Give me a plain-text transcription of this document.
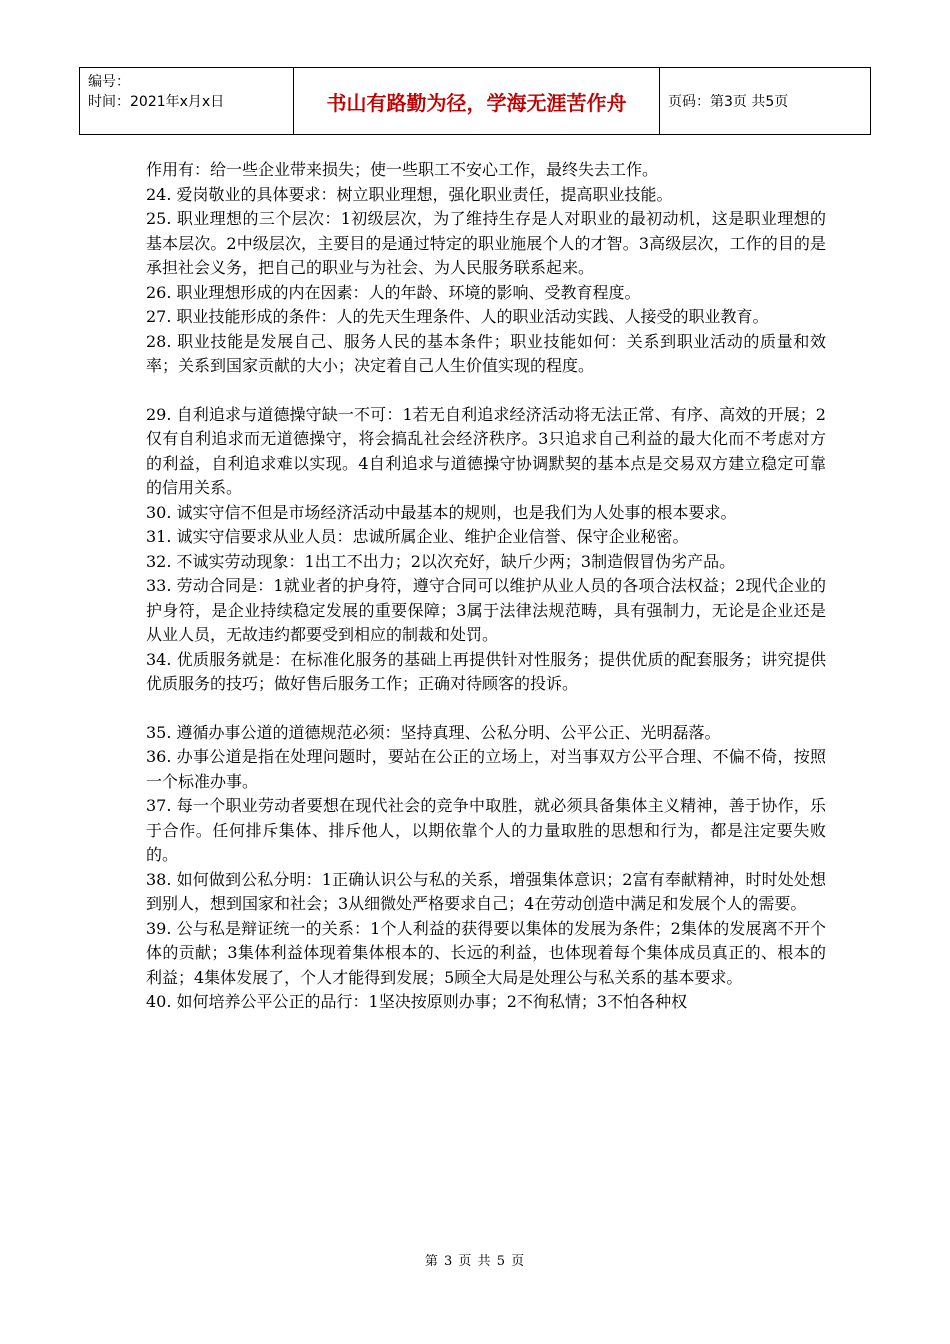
编号：
时间：2021年x月x日	书山有路勤为径，学海无涯苦作舟	页码：第3页 共5页

作用有：给一些企业带来损失；使一些职工不安心工作，最终失去工作。

24. 爱岗敬业的具体要求：树立职业理想，强化职业责任，提高职业技能。

25. 职业理想的三个层次：1初级层次，为了维持生存是人对职业的最初动机，这是职业理想的基本层次。2中级层次，主要目的是通过特定的职业施展个人的才智。3高级层次，工作的目的是承担社会义务，把自己的职业与为社会、为人民服务联系起来。

26. 职业理想形成的内在因素：人的年龄、环境的影响、受教育程度。

27. 职业技能形成的条件：人的先天生理条件、人的职业活动实践、人接受的职业教育。

28. 职业技能是发展自己、服务人民的基本条件；职业技能如何：关系到职业活动的质量和效率；关系到国家贡献的大小；决定着自己人生价值实现的程度。

29. 自利追求与道德操守缺一不可：1若无自利追求经济活动将无法正常、有序、高效的开展；2仅有自利追求而无道德操守，将会搞乱社会经济秩序。3只追求自己利益的最大化而不考虑对方的利益，自利追求难以实现。4自利追求与道德操守协调默契的基本点是交易双方建立稳定可靠的信用关系。

30. 诚实守信不但是市场经济活动中最基本的规则，也是我们为人处事的根本要求。

31. 诚实守信要求从业人员：忠诚所属企业、维护企业信誉、保守企业秘密。

32. 不诚实劳动现象：1出工不出力；2以次充好，缺斤少两；3制造假冒伪劣产品。

33. 劳动合同是：1就业者的护身符，遵守合同可以维护从业人员的各项合法权益；2现代企业的护身符，是企业持续稳定发展的重要保障；3属于法律法规范畴，具有强制力，无论是企业还是从业人员，无故违约都要受到相应的制裁和处罚。

34. 优质服务就是：在标准化服务的基础上再提供针对性服务；提供优质的配套服务；讲究提供优质服务的技巧；做好售后服务工作；正确对待顾客的投诉。

35. 遵循办事公道的道德规范必须：坚持真理、公私分明、公平公正、光明磊落。

36. 办事公道是指在处理问题时，要站在公正的立场上，对当事双方公平合理、不偏不倚，按照一个标准办事。

37. 每一个职业劳动者要想在现代社会的竞争中取胜，就必须具备集体主义精神，善于协作，乐于合作。任何排斥集体、排斥他人，以期依靠个人的力量取胜的思想和行为，都是注定要失败的。

38. 如何做到公私分明：1正确认识公与私的关系，增强集体意识；2富有奉献精神，时时处处想到别人，想到国家和社会；3从细微处严格要求自己；4在劳动创造中满足和发展个人的需要。

39. 公与私是辩证统一的关系：1个人利益的获得要以集体的发展为条件；2集体的发展离不开个体的贡献；3集体利益体现着集体根本的、长远的利益，也体现着每个集体成员真正的、根本的利益；4集体发展了，个人才能得到发展；5顾全大局是处理公与私关系的基本要求。

40. 如何培养公平公正的品行：1坚决按原则办事；2不徇私情；3不怕各种权

第 3 页 共 5 页
